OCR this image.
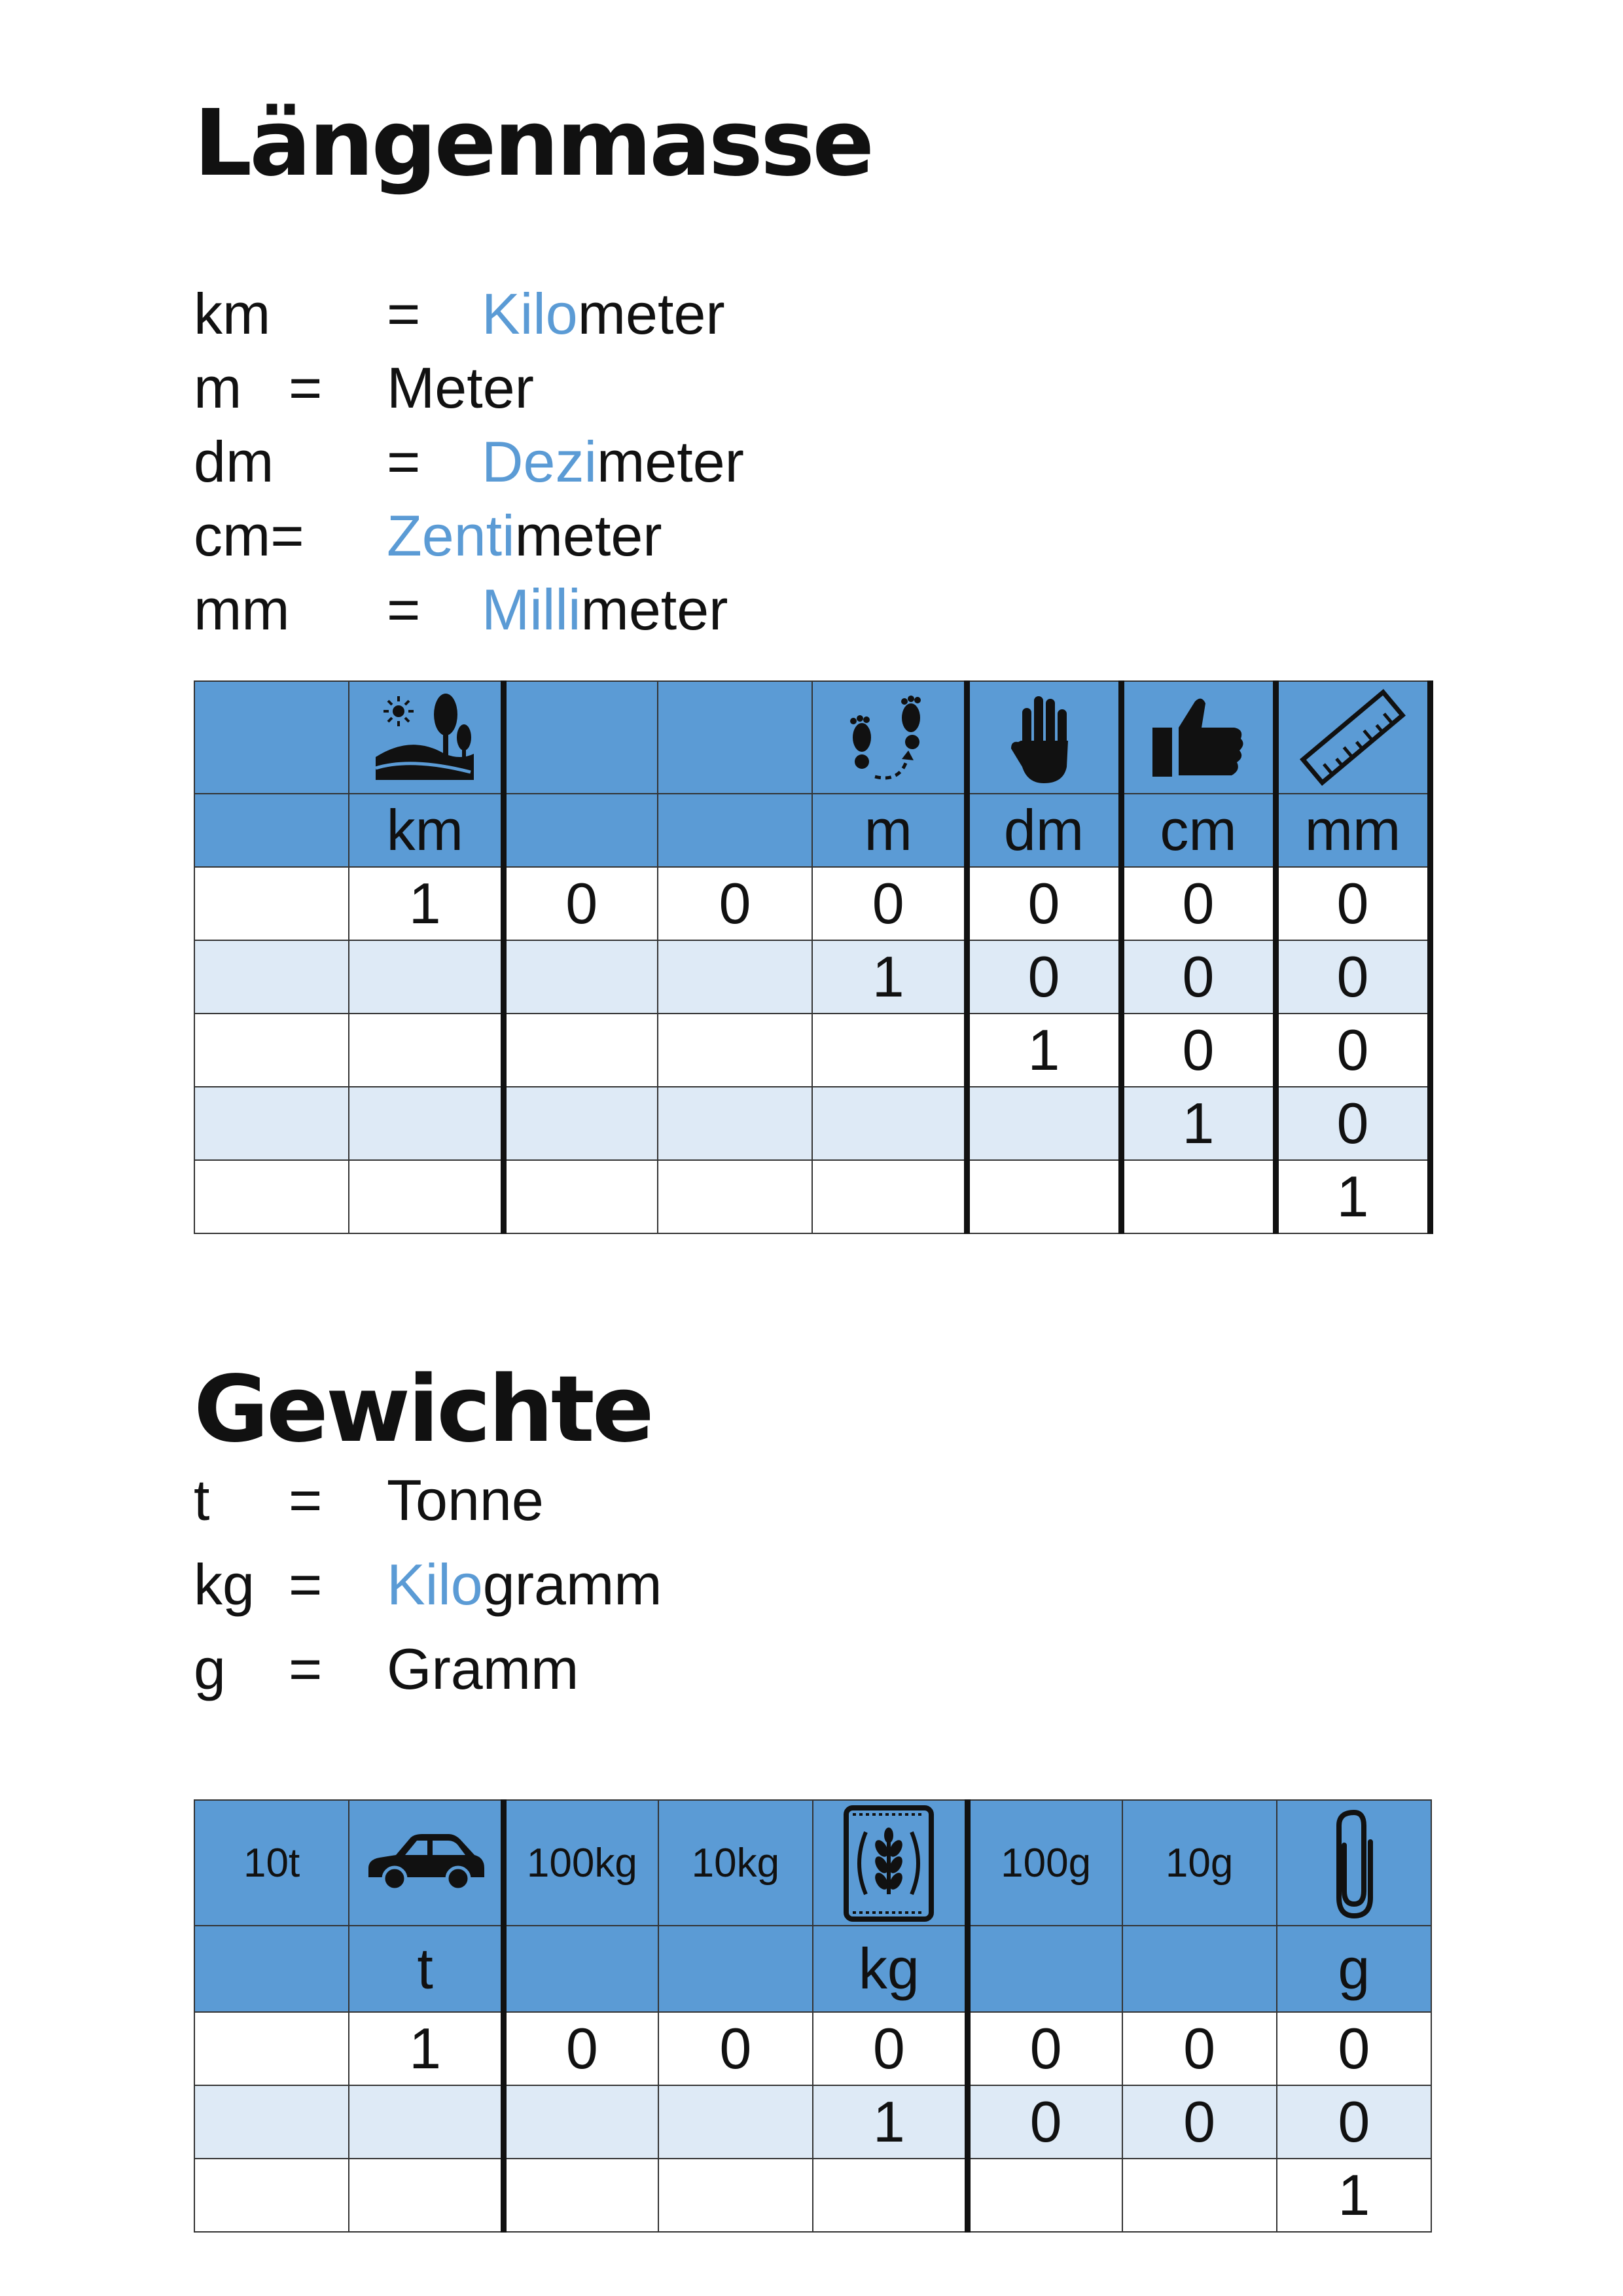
Längenmasse
km = Kilometer
m = Meter
dm = Dezimeter
cm= Zentimeter
mm = Millimeter

	km			m	dm	cm	mm
	1	0	0	0	0	0	0
				1	0	0	0
					1	0	0
						1	0
							1
Gewichte
t = Tonne
kg = Kilogramm
g = Gramm
10t		100kg	10kg		100g	10g	
	t			kg			g
	1	0	0	0	0	0	0
				1	0	0	0
							1
